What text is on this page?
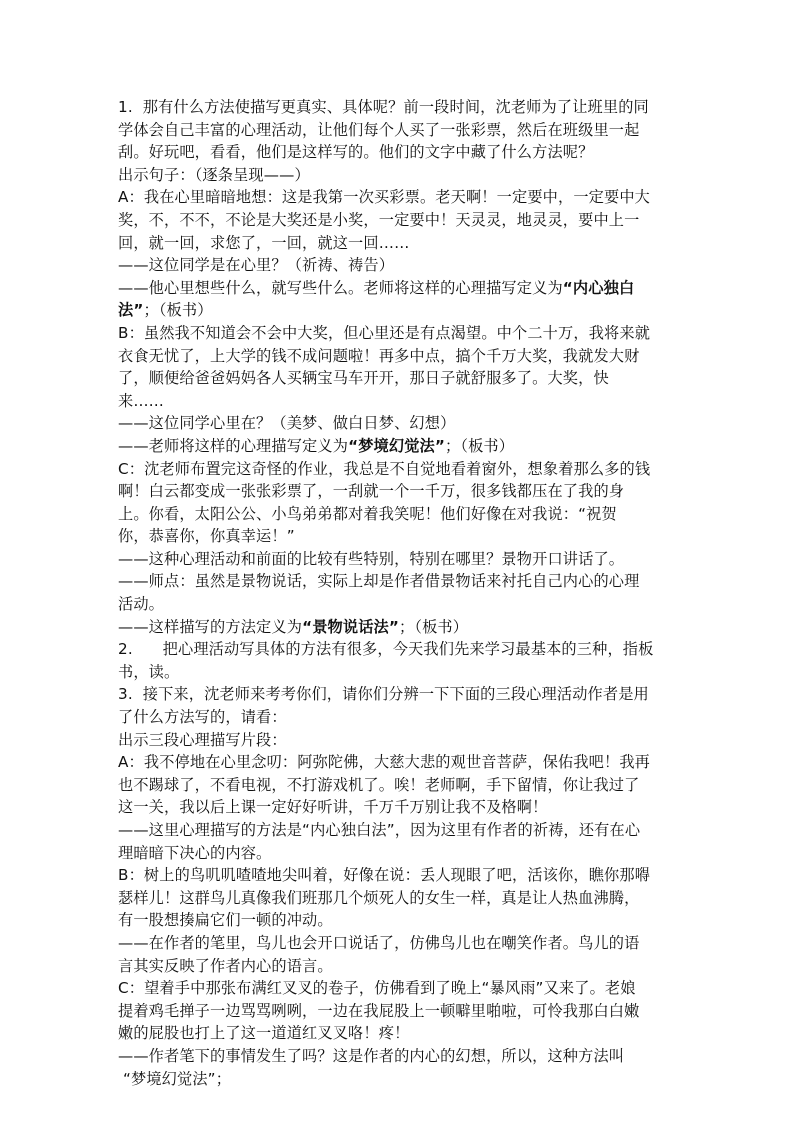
1.  那有什么方法使描写更真实、具体呢？前一段时间，沈老师为了让班里的同
学体会自己丰富的心理活动，让他们每个人买了一张彩票，然后在班级里一起
刮。好玩吧，看看，他们是这样写的。他们的文字中藏了什么方法呢？
出示句子：（逐条呈现——）
A：我在心里暗暗地想：这是我第一次买彩票。老天啊！一定要中，一定要中大
奖，不，不不，不论是大奖还是小奖，一定要中！天灵灵，地灵灵，要中上一
回，就一回，求您了，一回，就这一回……
——这位同学是在心里？（祈祷、祷告）
——他心里想些什么，就写些什么。老师将这样的心理描写定义为“内心独白
法”；（板书）
B：虽然我不知道会不会中大奖，但心里还是有点渴望。中个二十万，我将来就
衣食无忧了，上大学的钱不成问题啦！再多中点，搞个千万大奖，我就发大财
了，顺便给爸爸妈妈各人买辆宝马车开开，那日子就舒服多了。大奖，快
来……
——这位同学心里在？（美梦、做白日梦、幻想）
——老师将这样的心理描写定义为“梦境幻觉法”；（板书）
C：沈老师布置完这奇怪的作业，我总是不自觉地看着窗外，想象着那么多的钱
啊！白云都变成一张张彩票了，一刮就一个一千万，很多钱都压在了我的身
上。你看，太阳公公、小鸟弟弟都对着我笑呢！他们好像在对我说：“祝贺
你，恭喜你，你真幸运！”
——这种心理活动和前面的比较有些特别，特别在哪里？景物开口讲话了。
——师点：虽然是景物说话，实际上却是作者借景物话来衬托自己内心的心理
活动。
——这样描写的方法定义为“景物说话法”；（板书）
2.      把心理活动写具体的方法有很多，今天我们先来学习最基本的三种，指板
书，读。
3.  接下来，沈老师来考考你们，请你们分辨一下下面的三段心理活动作者是用
了什么方法写的，请看：
出示三段心理描写片段：
A：我不停地在心里念叨：阿弥陀佛，大慈大悲的观世音菩萨，保佑我吧！我再
也不踢球了，不看电视，不打游戏机了。唉！老师啊，手下留情，你让我过了
这一关，我以后上课一定好好听讲，千万千万别让我不及格啊！
——这里心理描写的方法是“内心独白法”，因为这里有作者的祈祷，还有在心
理暗暗下决心的内容。
B：树上的鸟叽叽喳喳地尖叫着，好像在说：丢人现眼了吧，活该你，瞧你那嘚
瑟样儿！这群鸟儿真像我们班那几个烦死人的女生一样，真是让人热血沸腾，
有一股想揍扁它们一顿的冲动。
——在作者的笔里，鸟儿也会开口说话了，仿佛鸟儿也在嘲笑作者。鸟儿的语
言其实反映了作者内心的语言。
C：望着手中那张布满红叉叉的卷子，仿佛看到了晚上“暴风雨”又来了。老娘
提着鸡毛掸子一边骂骂咧咧，一边在我屁股上一顿噼里啪啦，可怜我那白白嫩
嫩的屁股也打上了这一道道红叉叉咯！疼！
——作者笔下的事情发生了吗？这是作者的内心的幻想，所以，这种方法叫
“梦境幻觉法”；
